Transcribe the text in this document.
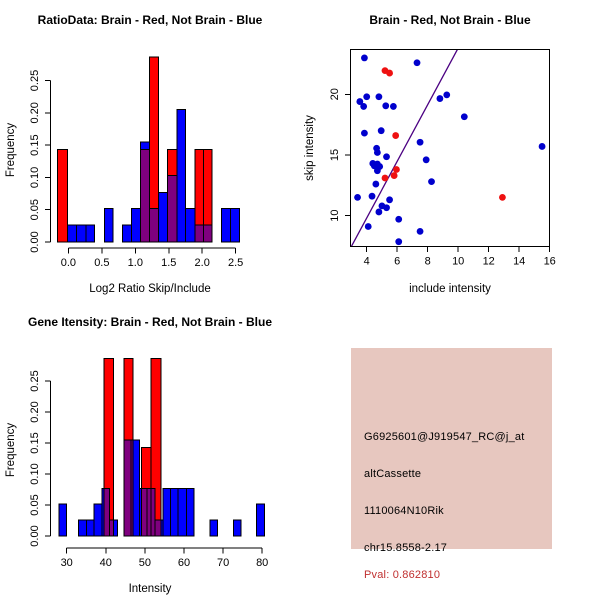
0.0 0.5 1.0 1.5 2.0 2.5
0.00
0.05
0.10
0.15
0.20
0.25
RatioData: Brain - Red, Not Brain - Blue
Log2 Ratio Skip/Include
Frequency
4 6 8 10 12 14 16
10
15
20
Brain - Red, Not Brain - Blue
include intensity
skip intensity
30 40 50 60 70 80
0.00
0.05
0.10
0.15
0.20
0.25
Gene Itensity: Brain - Red, Not Brain - Blue
Intensity
Frequency	G6925601@J919547_RC@j_at
altCassette
1110064N10Rik
chr15.8558-2.17
Pval: 0.862810
